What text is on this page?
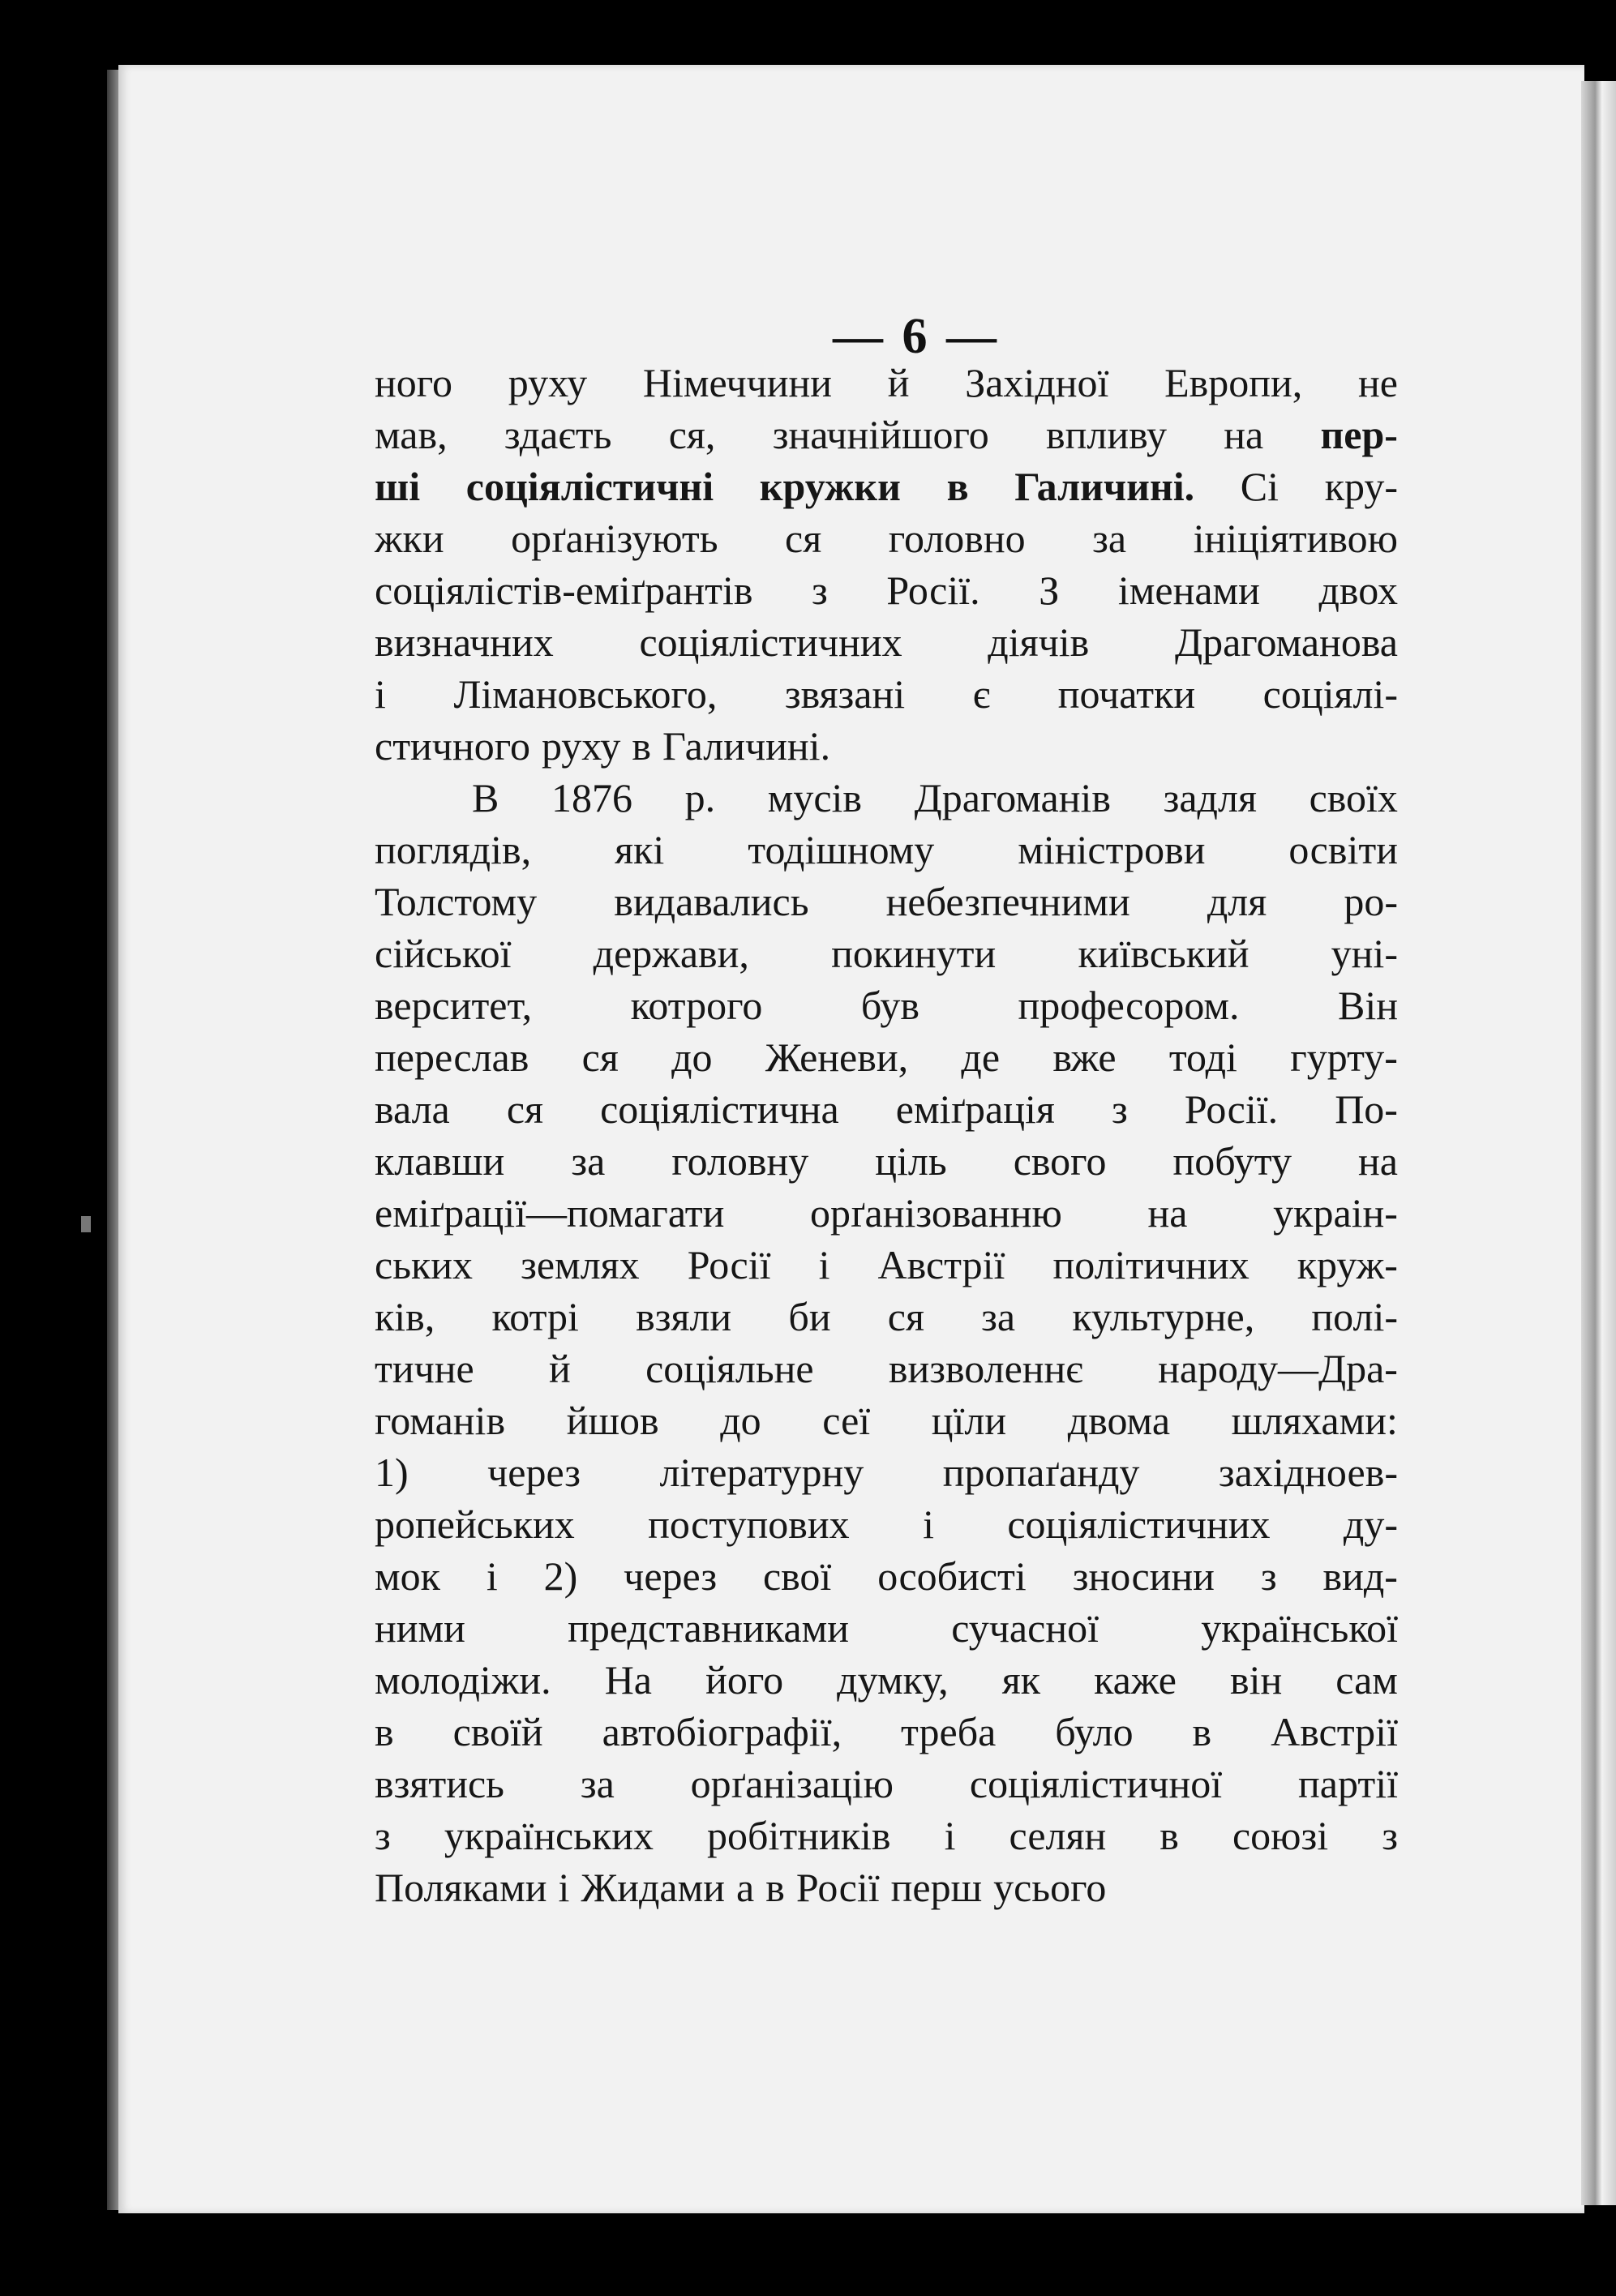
— 6 —
ного руху Німеччини й Західної Европи, не
мав, здаєть ся, значнійшого впливу на пер-
ші соціялістичні кружки в Галичині. Сі кру-
жки орґанізують ся головно за ініціятивою
соціялістів-еміґрантів з Росії. З іменами двох
визначних соціялістичних діячів Драгоманова
і Лімановського, звязані є початки соціялі-
стичного руху в Галичині.
В 1876 р. мусів Драгоманів задля своїх
поглядів, які тодішному міністрови освіти
Толстому видавались небезпечними для ро-
сійської держави, покинути київський уні-
верситет, котрого був професором. Він
переслав ся до Женеви, де вже тоді гурту-
вала ся соціялістична еміґрація з Росії. По-
клавши за головну ціль свого побуту на
еміґрації—помагати орґанізованню на украін-
ських землях Росії і Австрії політичних круж-
ків, котрі взяли би ся за культурне, полі-
тичне й соціяльне визволеннє народу—Дра-
гоманів йшов до сеї цїли двома шляхами:
1) через літературну пропаґанду західноев-
ропейських поступових і соціялістичних ду-
мок і 2) через свої особисті зносини з вид-
ними	представниками	сучасної	української
молодіжи. На його думку, як каже він сам
в своїй автобіографії, треба було в Австрії
взятись за орґанізацію соціялістичної партії
з українських робітників і селян в союзі з
Поляками і Жидами а в Росії перш усього
